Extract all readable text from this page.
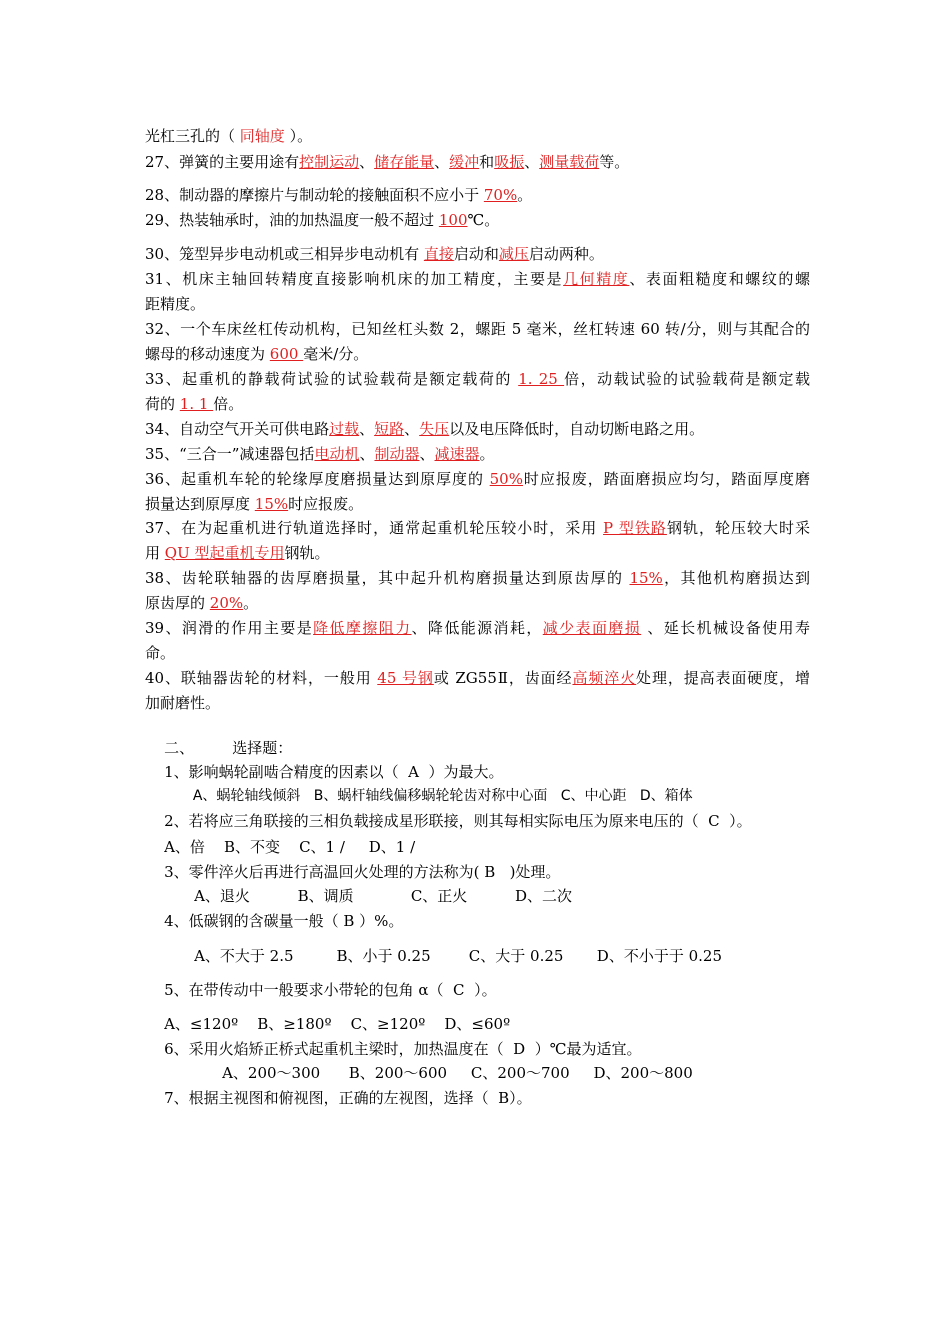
光杠三孔的（ 同轴度 ）。
27、弹簧的主要用途有控制运动、储存能量、缓冲和吸振、测量载荷等。
28、制动器的摩擦片与制动轮的接触面积不应小于 70%。
29、热装轴承时，油的加热温度一般不超过 100℃。
30、笼型异步电动机或三相异步电动机有 直接启动和减压启动两种。
31、机床主轴回转精度直接影响机床的加工精度，主要是几何精度、表面粗糙度和螺纹的螺
距精度。
32、一个车床丝杠传动机构，已知丝杠头数 2，螺距 5 毫米，丝杠转速 60 转/分，则与其配合的
螺母的移动速度为 600 毫米/分。
33、起重机的静载荷试验的试验载荷是额定载荷的 1. 25 倍，动载试验的试验载荷是额定载
荷的 1. 1 倍。
34、自动空气开关可供电路过载、短路、失压以及电压降低时，自动切断电路之用。
35、“三合一”减速器包括电动机、制动器、减速器。
36、起重机车轮的轮缘厚度磨损量达到原厚度的 50%时应报废，踏面磨损应均匀，踏面厚度磨
损量达到原厚度 15%时应报废。
37、在为起重机进行轨道选择时，通常起重机轮压较小时，采用 P 型铁路钢轨，轮压较大时采
用 QU 型起重机专用钢轨。
38、齿轮联轴器的齿厚磨损量，其中起升机构磨损量达到原齿厚的 15%，其他机构磨损达到
原齿厚的 20%。
39、润滑的作用主要是降低摩擦阻力、降低能源消耗，减少表面磨损 、延长机械设备使用寿
命。
40、联轴器齿轮的材料，一般用 45 号钢或 ZG55Ⅱ，齿面经高频淬火处理，提高表面硬度，增
加耐磨性。

二、        选择题：

1、影响蜗轮副啮合精度的因素以（  A  ）为最大。

A、蜗轮轴线倾斜   B、蜗杆轴线偏移蜗轮轮齿对称中心面   C、中心距   D、箱体

2、若将应三角联接的三相负载接成星形联接，则其每相实际电压为原来电压的（  C  ）。

A、倍    B、不变    C、1 /     D、1 /

3、零件淬火后再进行高温回火处理的方法称为( B   )处理。

A、退火          B、调质            C、正火          D、二次

4、低碳钢的含碳量一般（ B ）%。

A、不大于 2.5         B、小于 0.25        C、大于 0.25       D、不小于于 0.25

5、在带传动中一般要求小带轮的包角 α（  C  ）。

A、≤120º    B、≥180º    C、≥120º    D、≤60º

6、采用火焰矫正桥式起重机主梁时，加热温度在（  D  ）℃最为适宜。

A、200～300      B、200～600     C、200～700     D、200～800

7、根据主视图和俯视图，正确的左视图，选择（  B）。
